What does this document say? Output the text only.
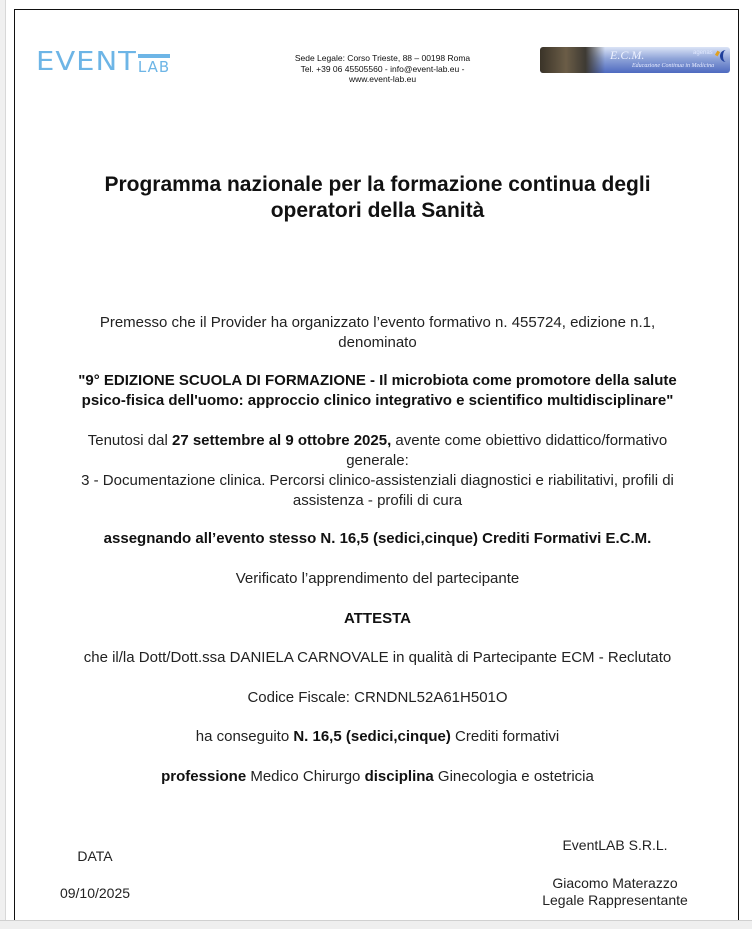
EVENT LAB	Sede Legale: Corso Trieste, 88 – 00198 Roma
Tel. +39 06 45505560 - info@event-lab.eu -
www.event-lab.eu
E.C.M.
Educazione Continua in Medicina
agenas
Programma nazionale per la formazione continua degli
operatori della Sanità
Premesso che il Provider ha organizzato l’evento formativo n. 455724, edizione n.1,
denominato
"9° EDIZIONE SCUOLA DI FORMAZIONE - Il microbiota come promotore della salute
psico-fisica dell'uomo: approccio clinico integrativo e scientifico multidisciplinare"
Tenutosi dal 27 settembre al 9 ottobre 2025, avente come obiettivo didattico/formativo
generale:
3 - Documentazione clinica. Percorsi clinico-assistenziali diagnostici e riabilitativi, profili di
assistenza - profili di cura
assegnando all’evento stesso N. 16,5 (sedici,cinque) Crediti Formativi E.C.M.
Verificato l’apprendimento del partecipante
ATTESTA
che il/la Dott/Dott.ssa DANIELA CARNOVALE in qualità di Partecipante ECM - Reclutato
Codice Fiscale: CRNDNL52A61H501O
ha conseguito N. 16,5 (sedici,cinque) Crediti formativi
professione Medico Chirurgo disciplina Ginecologia e ostetricia
DATA
09/10/2025
EventLAB S.R.L.
Giacomo Materazzo
Legale Rappresentante
